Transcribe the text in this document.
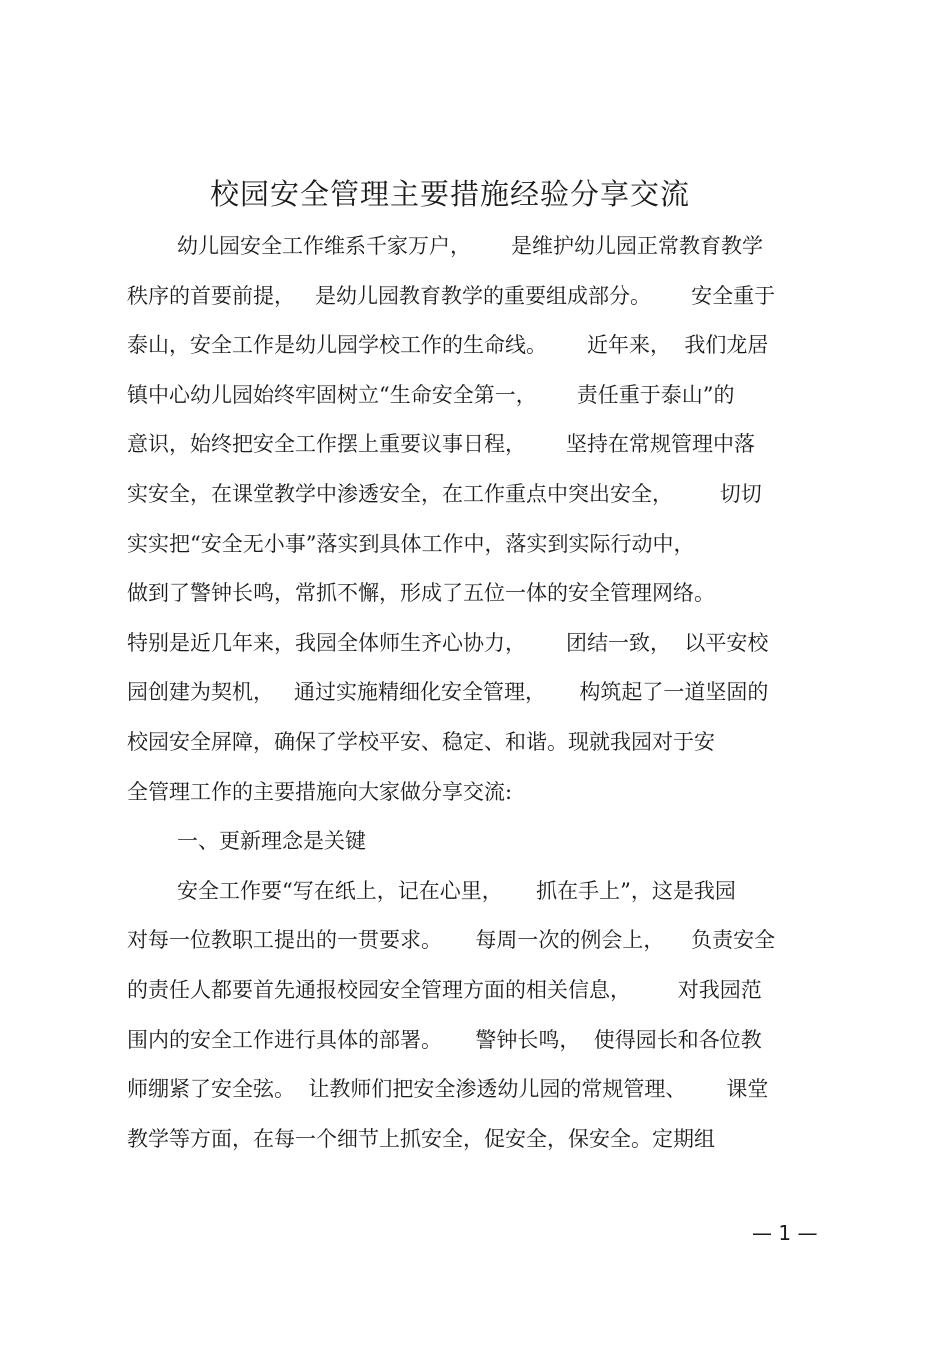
校园安全管理主要措施经验分享交流
幼儿园安全工作维系千家万户，      是维护幼儿园正常教育教学
秩序的首要前提，   是幼儿园教育教学的重要组成部分。      安全重于
泰山，安全工作是幼儿园学校工作的生命线。      近年来，  我们龙居
镇中心幼儿园始终牢固树立“生命安全第一，      责任重于泰山”的
意识，始终把安全工作摆上重要议事日程，      坚持在常规管理中落
实安全，在课堂教学中渗透安全，在工作重点中突出安全，       切切
实实把“安全无小事”落实到具体工作中，落实到实际行动中，
做到了警钟长鸣，常抓不懈，形成了五位一体的安全管理网络。
特别是近几年来，我园全体师生齐心协力，      团结一致，  以平安校
园创建为契机，   通过实施精细化安全管理，     构筑起了一道坚固的
校园安全屏障，确保了学校平安、稳定、和谐。现就我园对于安
全管理工作的主要措施向大家做分享交流:
一、更新理念是关键
安全工作要“写在纸上，记在心里，     抓在手上”，这是我园
对每一位教职工提出的一贯要求。     每周一次的例会上，    负责安全
的责任人都要首先通报校园安全管理方面的相关信息，       对我园范
围内的安全工作进行具体的部署。     警钟长鸣，  使得园长和各位教
师绷紧了安全弦。  让教师们把安全渗透幼儿园的常规管理、      课堂
教学等方面，在每一个细节上抓安全，促安全，保安全。定期组
— 1 —
